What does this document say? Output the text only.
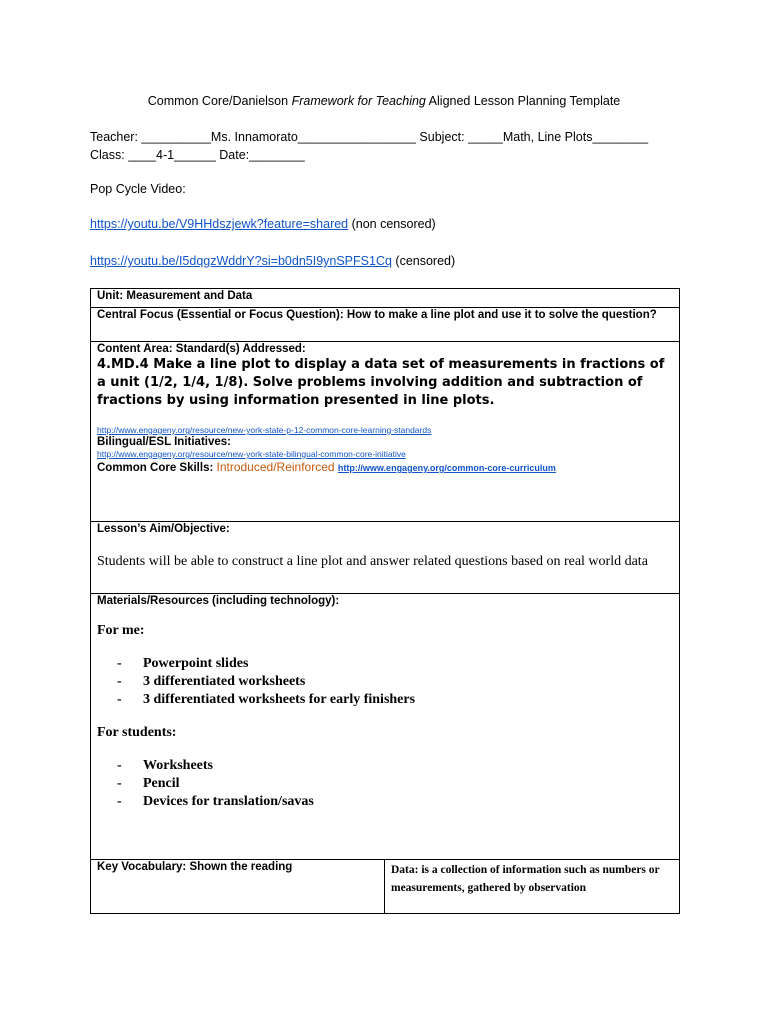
Common Core/Danielson Framework for Teaching Aligned Lesson Planning Template
Teacher: __________Ms. Innamorato_________________ Subject: _____Math, Line Plots________
Class: ____4-1______ Date:________
Pop Cycle Video:
https://youtu.be/V9HHdszjewk?feature=shared (non censored)
https://youtu.be/I5dqgzWddrY?si=b0dn5I9ynSPFS1Cq (censored)
Unit: Measurement and Data
Central Focus (Essential or Focus Question): How to make a line plot and use it to solve the question?

Content Area: Standard(s) Addressed:
4.MD.4 Make a line plot to display a data set of measurements in fractions of a unit (1/2, 1/4, 1/8). Solve problems involving addition and subtraction of fractions by using information presented in line plots.
http://www.engageny.org/resource/new-york-state-p-12-common-core-learning-standards
Bilingual/ESL Initiatives:
http://www.engageny.org/resource/new-york-state-bilingual-common-core-initiative
Common Core Skills: Introduced/Reinforced http://www.engageny.org/common-core-curriculum

Lesson’s Aim/Objective:
Students will be able to construct a line plot and answer related questions based on real world data

Materials/Resources (including technology):
For me:
- Powerpoint slides
- 3 differentiated worksheets
- 3 differentiated worksheets for early finishers
For students:
- Worksheets
- Pencil
- Devices for translation/savas

Key Vocabulary: Shown the reading	Data: is a collection of information such as numbers or measurements, gathered by observation
